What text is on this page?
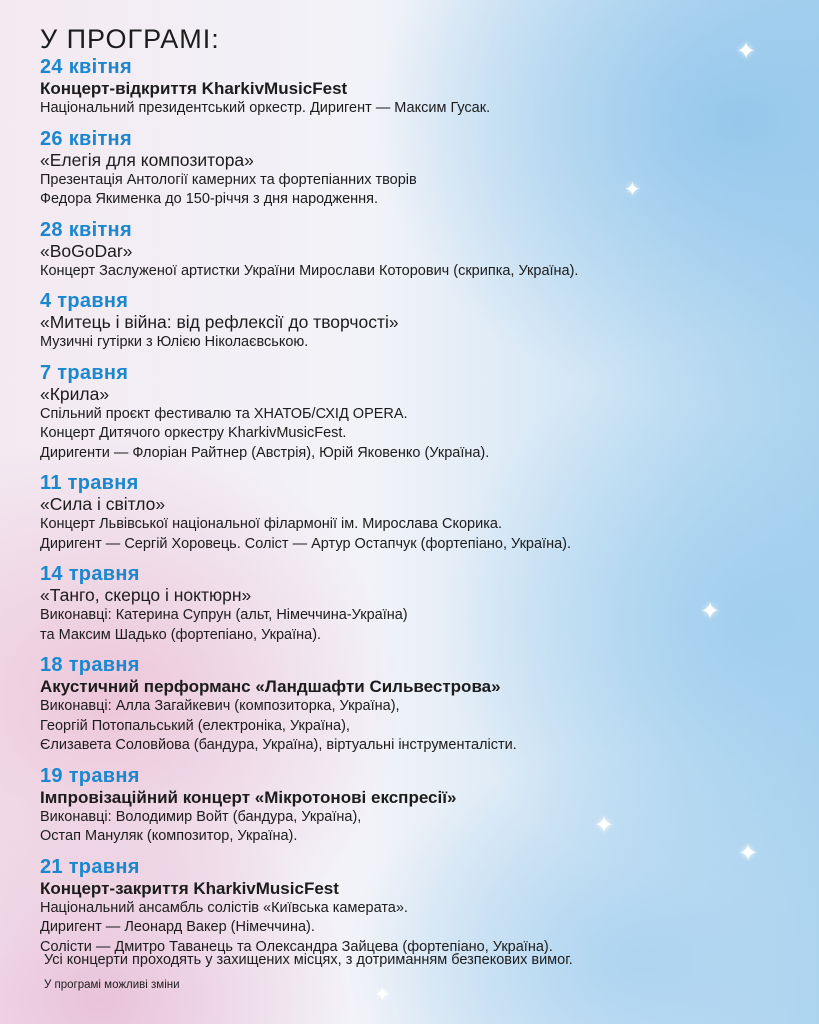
У ПРОГРАМІ:
24 квітня
Концерт-відкриття KharkivMusicFest
Національний президентський оркестр. Диригент — Максим Гусак.
26 квітня
«Елегія для композитора»
Презентація Антології камерних та фортепіанних творів
Федора Якименка до 150-річчя з дня народження.
28 квітня
«BoGoDar»
Концерт Заслуженої артистки України Мирослави Которович (скрипка, Україна).
4 травня
«Митець і війна: від рефлексії до творчості»
Музичні гутірки з Юлією Ніколаєвською.
7 травня
«Крила»
Спільний проєкт фестивалю та ХНАТОБ/СХІД OPERA.
Концерт Дитячого оркестру KharkivMusicFest.
Диригенти — Флоріан Райтнер (Австрія), Юрій Яковенко (Україна).
11 травня
«Сила і світло»
Концерт Львівської національної філармонії ім. Мирослава Скорика.
Диригент — Сергій Хоровець. Соліст — Артур Остапчук (фортепіано, Україна).
14 травня
«Танго, скерцо і ноктюрн»
Виконавці: Катерина Супрун (альт, Німеччина-Україна)
та Максим Шадько (фортепіано, Україна).
18 травня
Акустичний перформанс «Ландшафти Сильвестрова»
Виконавці: Алла Загайкевич (композиторка, Україна),
Георгій Потопальський (електроніка, Україна),
Єлизавета Соловйова (бандура, Україна), віртуальні інструменталісти.
19 травня
Імпровізаційний концерт «Мікротонові експресії»
Виконавці: Володимир Войт (бандура, Україна),
Остап Мануляк (композитор, Україна).
21 травня
Концерт-закриття KharkivMusicFest
Національний ансамбль солістів «Київська камерата».
Диригент — Леонард Вакер (Німеччина).
Солісти — Дмитро Таванець та Олександра Зайцева (фортепіано, Україна).

Усі концерти проходять у захищених місцях, з дотриманням безпекових вимог.

У програмі можливі зміни

✦
✦
✦
✦
✦
✦
